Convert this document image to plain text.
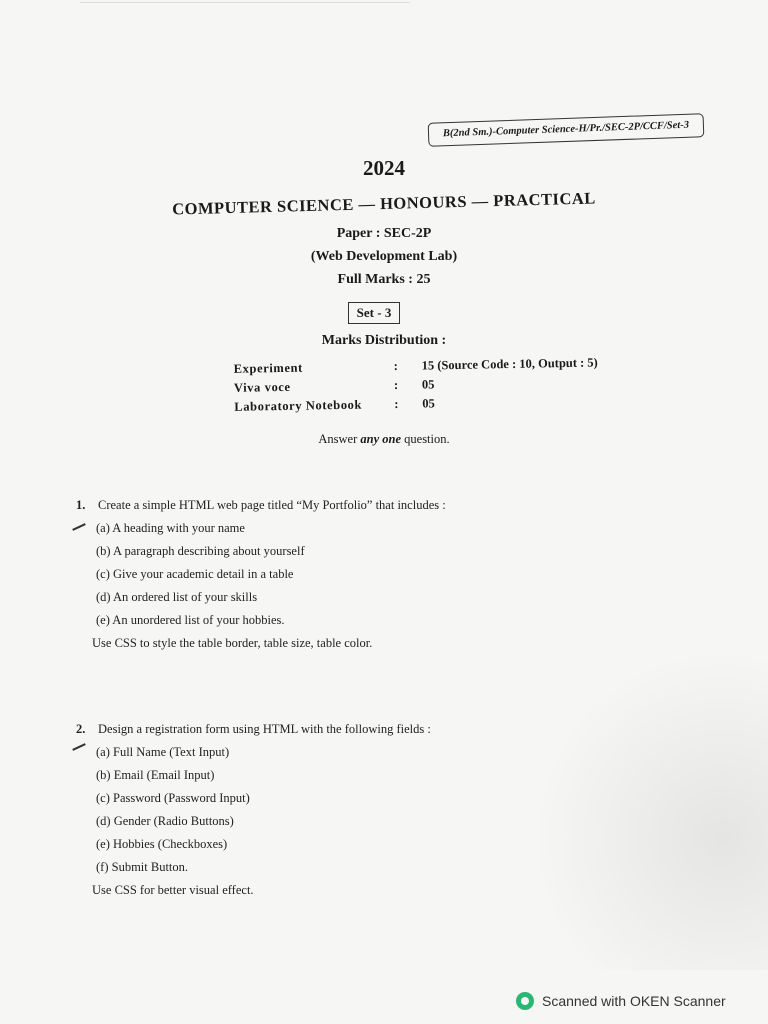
B(2nd Sm.)-Computer Science-H/Pr./SEC-2P/CCF/Set-3
2024
COMPUTER SCIENCE — HONOURS — PRACTICAL
Paper : SEC-2P
(Web Development Lab)
Full Marks : 25
Set - 3
Marks Distribution :
Experiment	: 15 (Source Code : 10, Output : 5)
Viva voce	: 05
Laboratory Notebook	: 05
Answer any one question.
1. Create a simple HTML web page titled “My Portfolio” that includes :
(a) A heading with your name
(b) A paragraph describing about yourself
(c) Give your academic detail in a table
(d) An ordered list of your skills
(e) An unordered list of your hobbies.
Use CSS to style the table border, table size, table color.
2. Design a registration form using HTML with the following fields :
(a) Full Name (Text Input)
(b) Email (Email Input)
(c) Password (Password Input)
(d) Gender (Radio Buttons)
(e) Hobbies (Checkboxes)
(f) Submit Button.
Use CSS for better visual effect.
Scanned with OKEN Scanner
